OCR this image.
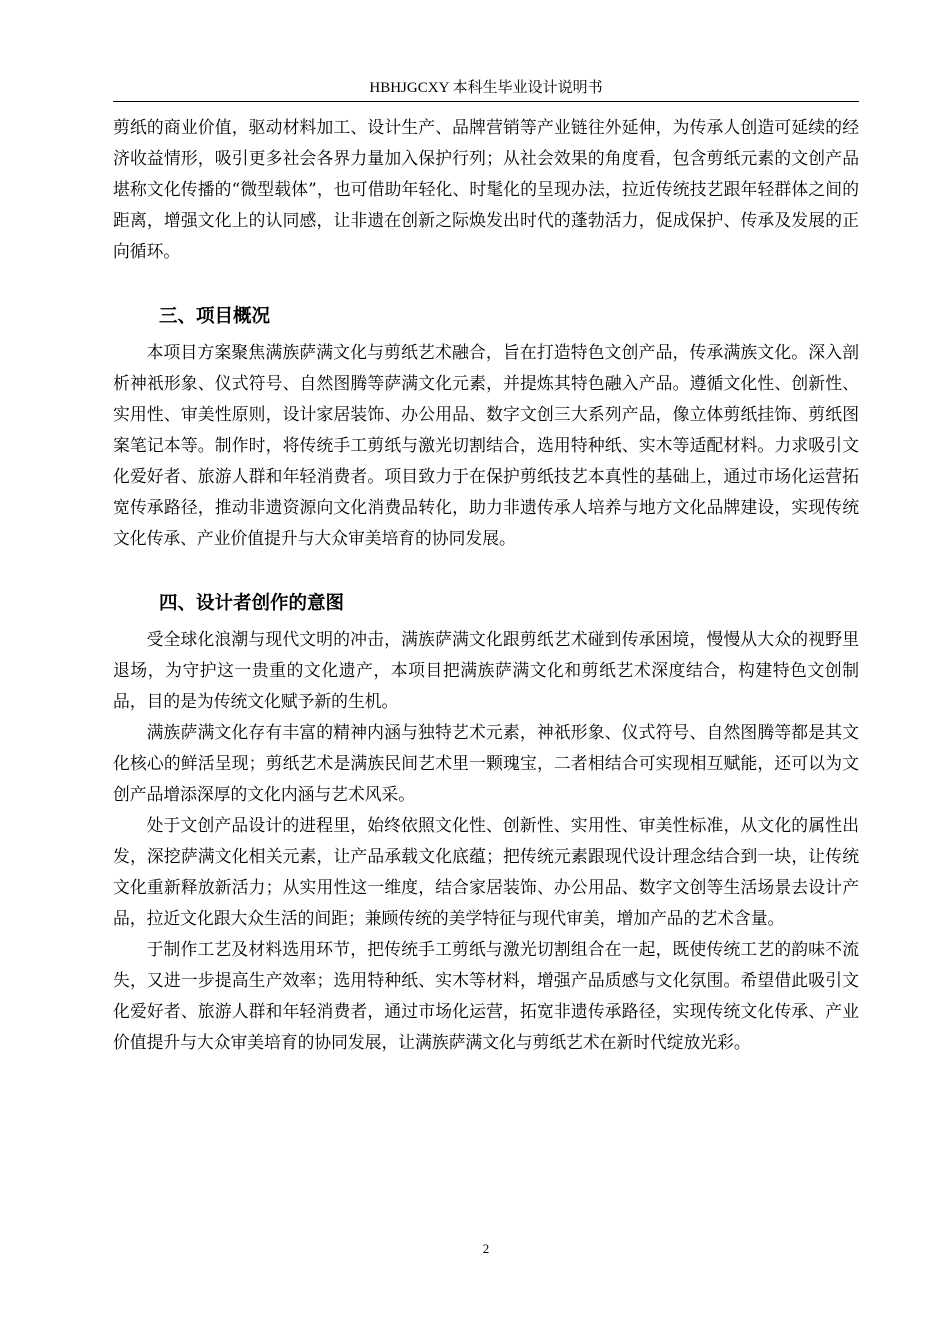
HBHJGCXY 本科生毕业设计说明书

剪纸的商业价值，驱动材料加工、设计生产、品牌营销等产业链往外延伸，为传承人创造可延续的经济收益情形，吸引更多社会各界力量加入保护行列；从社会效果的角度看，包含剪纸元素的文创产品堪称文化传播的“微型载体”，也可借助年轻化、时髦化的呈现办法，拉近传统技艺跟年轻群体之间的距离，增强文化上的认同感，让非遗在创新之际焕发出时代的蓬勃活力，促成保护、传承及发展的正向循环。

三、项目概况

本项目方案聚焦满族萨满文化与剪纸艺术融合，旨在打造特色文创产品，传承满族文化。深入剖析神祇形象、仪式符号、自然图腾等萨满文化元素，并提炼其特色融入产品。遵循文化性、创新性、实用性、审美性原则，设计家居装饰、办公用品、数字文创三大系列产品，像立体剪纸挂饰、剪纸图案笔记本等。制作时，将传统手工剪纸与激光切割结合，选用特种纸、实木等适配材料。力求吸引文化爱好者、旅游人群和年轻消费者。项目致力于在保护剪纸技艺本真性的基础上，通过市场化运营拓宽传承路径，推动非遗资源向文化消费品转化，助力非遗传承人培养与地方文化品牌建设，实现传统文化传承、产业价值提升与大众审美培育的协同发展。

四、设计者创作的意图

受全球化浪潮与现代文明的冲击，满族萨满文化跟剪纸艺术碰到传承困境，慢慢从大众的视野里退场，为守护这一贵重的文化遗产，本项目把满族萨满文化和剪纸艺术深度结合，构建特色文创制品，目的是为传统文化赋予新的生机。

满族萨满文化存有丰富的精神内涵与独特艺术元素，神祇形象、仪式符号、自然图腾等都是其文化核心的鲜活呈现；剪纸艺术是满族民间艺术里一颗瑰宝，二者相结合可实现相互赋能，还可以为文创产品增添深厚的文化内涵与艺术风采。

处于文创产品设计的进程里，始终依照文化性、创新性、实用性、审美性标准，从文化的属性出发，深挖萨满文化相关元素，让产品承载文化底蕴；把传统元素跟现代设计理念结合到一块，让传统文化重新释放新活力；从实用性这一维度，结合家居装饰、办公用品、数字文创等生活场景去设计产品，拉近文化跟大众生活的间距；兼顾传统的美学特征与现代审美，增加产品的艺术含量。

于制作工艺及材料选用环节，把传统手工剪纸与激光切割组合在一起，既使传统工艺的韵味不流失，又进一步提高生产效率；选用特种纸、实木等材料，增强产品质感与文化氛围。希望借此吸引文化爱好者、旅游人群和年轻消费者，通过市场化运营，拓宽非遗传承路径，实现传统文化传承、产业价值提升与大众审美培育的协同发展，让满族萨满文化与剪纸艺术在新时代绽放光彩。

2
